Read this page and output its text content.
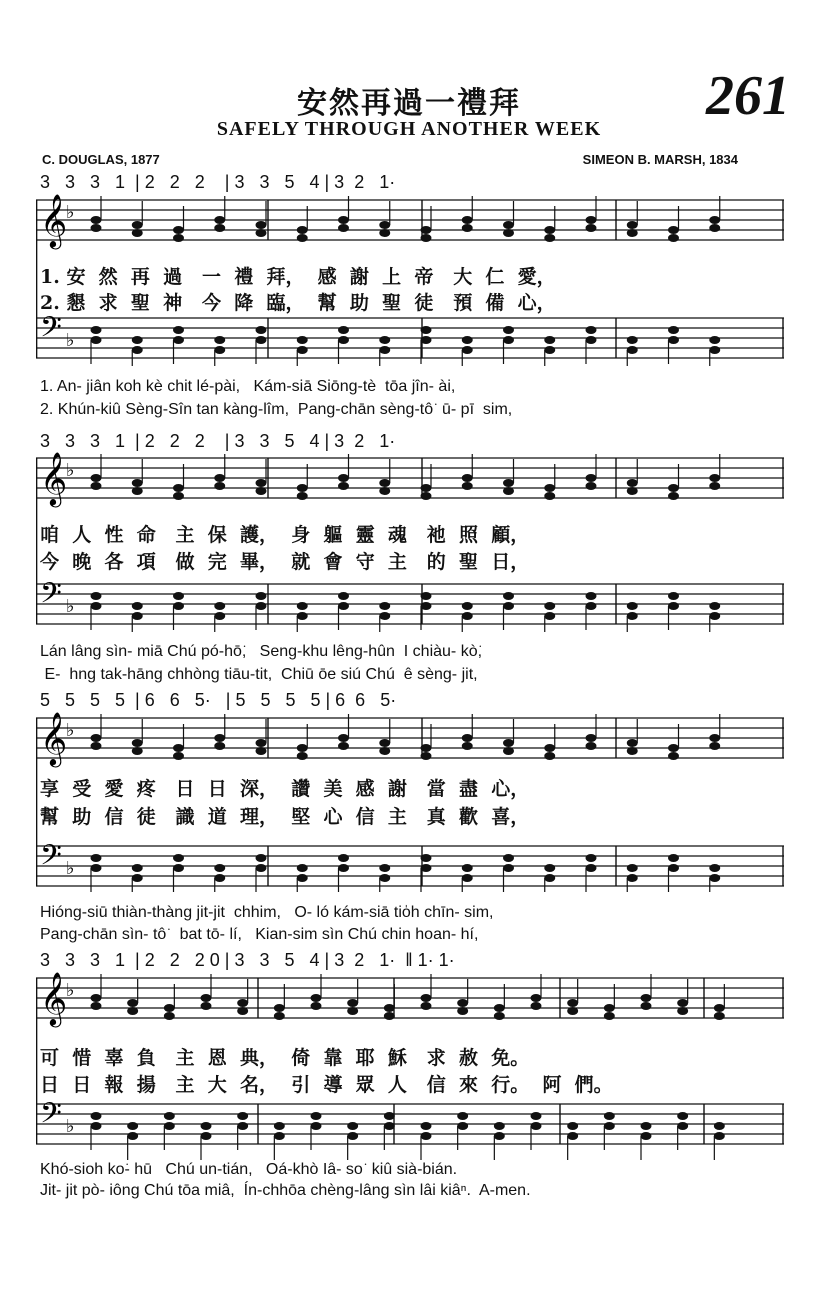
安然再過一禮拜
SAFELY THROUGH ANOTHER WEEK
261
C. DOUGLAS, 1877	SIMEON B. MARSH, 1834
3   3   3   1  | 2   2   2    | 3   3   5   4 | 3  2   1·
𝄞
♭
𝄢 ♭
1. 安  然  再  過   一  禮  拜，  感  謝  上  帝   大  仁  愛，
2. 懇  求  聖  神   今  降  臨，  幫  助  聖  徒   預  備  心，
1. An- jiân koh kè chit lé-pài,   Kám-siā Siōng-tè  tōa jîn- ài,
2. Khún-kiû Sèng-Sîn tan kàng-lîm,  Pang-chān sèng-tô͘  ū- pī  sim,
3   3   3   1  | 2   2   2    | 3   3   5   4 | 3  2   1·
𝄞
♭
𝄢 ♭
咱  人  性  命   主  保  護，  身  軀  靈  魂   祂  照  顧，
今  晚  各  項   做  完  畢，  就  會  守  主   的  聖  日，
Lán lâng sìn- miā Chú pó-hō͘,   Seng-khu lêng-hûn  I chiàu- kò͘,
E-  hng tak-hāng chhòng tiāu-tit,  Chiū ōe siú Chú  ê sèng- jit,
5   5   5   5  | 6   6   5·   | 5   5   5   5 | 6  6   5·
𝄞
♭
𝄢 ♭
享  受  愛  疼   日  日  深，  讚  美  感  謝   當  盡  心，
幫  助  信  徒   識  道  理，  堅  心  信  主   真  歡  喜，
Hióng-siū thiàn-thàng jit-jit  chhim,   O- ló kám-siā tio̍h chīn- sim,
Pang-chān sìn- tô͘   bat tō- lí,   Kian-sim sìn Chú chin hoan- hí,
3   3   3   1  | 2   2   2 0 | 3   3   5   4 | 3  2   1·  ‖ 1· 1·
𝄞
♭
𝄢 ♭
可  惜  辜  負   主  恩  典，  倚  靠  耶  穌   求  赦  免。
日  日  報  揚   主  大  名，  引  導  眾  人   信  來  行。  阿  們。
Khó-sioh ko͘- hū   Chú un-tián,   Oá-khò Iâ- so͘  kiû sià-bián.
Jit- jit pò- iông Chú tōa miâ,  Ín-chhōa chèng-lâng sìn lâi kiâⁿ.  A-men.
